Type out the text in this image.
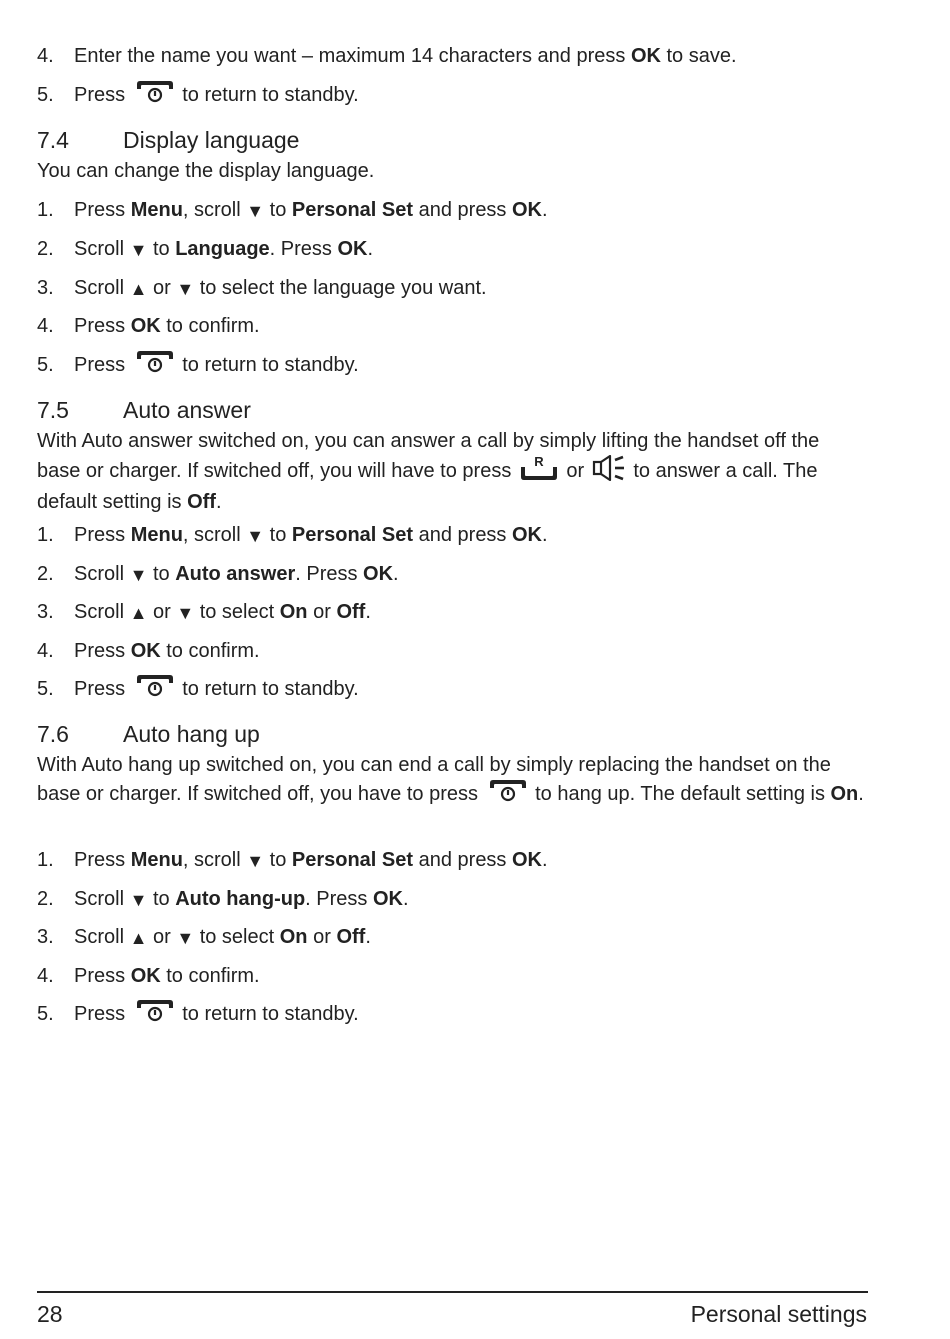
4. Enter the name you want – maximum 14 characters and press OK to save.
5. Press  to return to standby.
7.4 Display language
You can change the display language.
1. Press Menu, scroll ▼ to Personal Set and press OK.
2. Scroll ▼ to Language. Press OK.
3. Scroll ▲ or ▼ to select the language you want.
4. Press OK to confirm.
5. Press  to return to standby.
7.5 Auto answer
With Auto answer switched on, you can answer a call by simply lifting the handset off the base or charger. If switched off, you will have to press R or  to answer a call. The default setting is Off.
1. Press Menu, scroll ▼ to Personal Set and press OK.
2. Scroll ▼ to Auto answer. Press OK.
3. Scroll ▲ or ▼ to select On or Off.
4. Press OK to confirm.
5. Press  to return to standby.
7.6 Auto hang up
With Auto hang up switched on, you can end a call by simply replacing the handset on the base or charger. If switched off, you have to press  to hang up. The default setting is On.
1. Press Menu, scroll ▼ to Personal Set and press OK.
2. Scroll ▼ to Auto hang-up. Press OK.
3. Scroll ▲ or ▼ to select On or Off.
4. Press OK to confirm.
5. Press  to return to standby.
28	Personal settings
